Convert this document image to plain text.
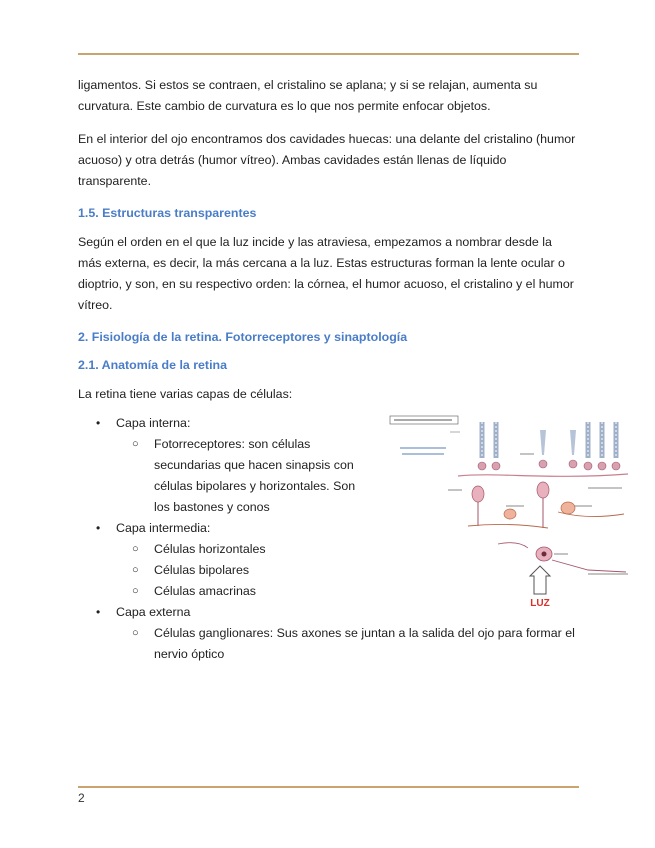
ligamentos. Si estos se contraen, el cristalino se aplana; y si se relajan, aumenta su curvatura. Este cambio de curvatura es lo que nos permite enfocar objetos.

En el interior del ojo encontramos dos cavidades huecas: una delante del cristalino (humor acuoso) y otra detrás (humor vítreo). Ambas cavidades están llenas de líquido transparente.

1.5. Estructuras transparentes

Según el orden en el que la luz incide y las atraviesa, empezamos a nombrar desde la más externa, es decir, la más cercana a la luz. Estas estructuras forman la lente ocular o dioptrio, y son, en su respectivo orden: la córnea, el humor acuoso, el cristalino y el humor vítreo.

2. Fisiología de la retina. Fotorreceptores y sinaptología
2.1. Anatomía de la retina

La retina tiene varias capas de células:

• Capa interna:
○ Fotorreceptores: son células secundarias que hacen sinapsis con células bipolares y horizontales. Son los bastones y conos
• Capa intermedia:
○ Células horizontales
○ Células bipolares
○ Células amacrinas
• Capa externa
○ Células ganglionares: Sus axones se juntan a la salida del ojo para formar el nervio óptico
LUZ
2
